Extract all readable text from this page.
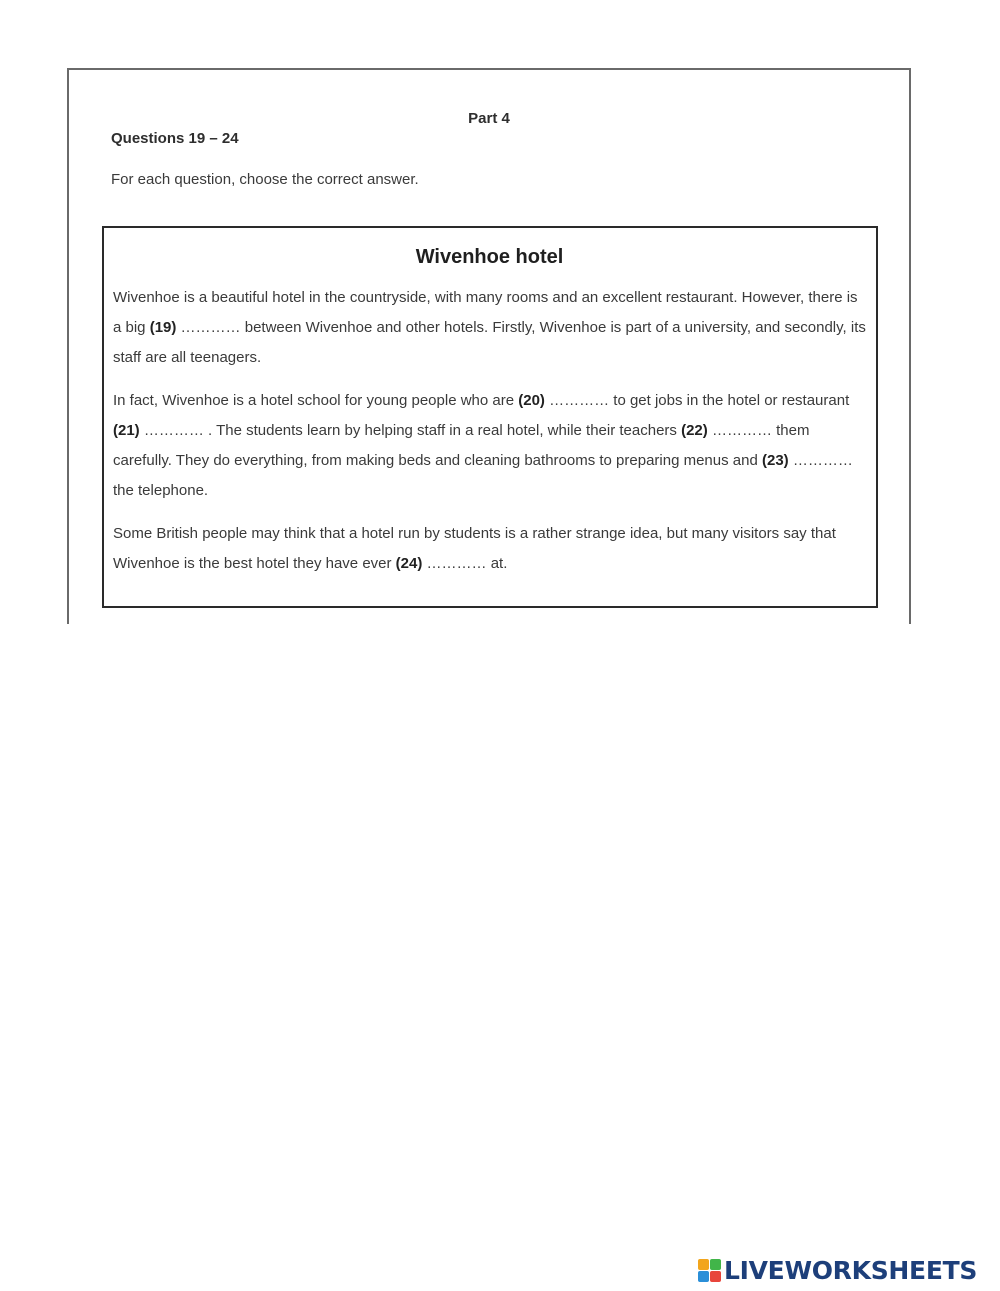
Part 4
Questions 19 – 24
For each question, choose the correct answer.
Wivenhoe hotel

Wivenhoe is a beautiful hotel in the countryside, with many rooms and an excellent restaurant. However, there is a big (19) ………… between Wivenhoe and other hotels. Firstly, Wivenhoe is part of a university, and secondly, its staff are all teenagers.

In fact, Wivenhoe is a hotel school for young people who are (20) ………… to get jobs in the hotel or restaurant (21) ………… . The students learn by helping staff in a real hotel, while their teachers (22) ………… them carefully. They do everything, from making beds and cleaning bathrooms to preparing menus and (23) ………… the telephone.

Some British people may think that a hotel run by students is a rather strange idea, but many visitors say that Wivenhoe is the best hotel they have ever (24) ………… at.

LIVEWORKSHEETS
